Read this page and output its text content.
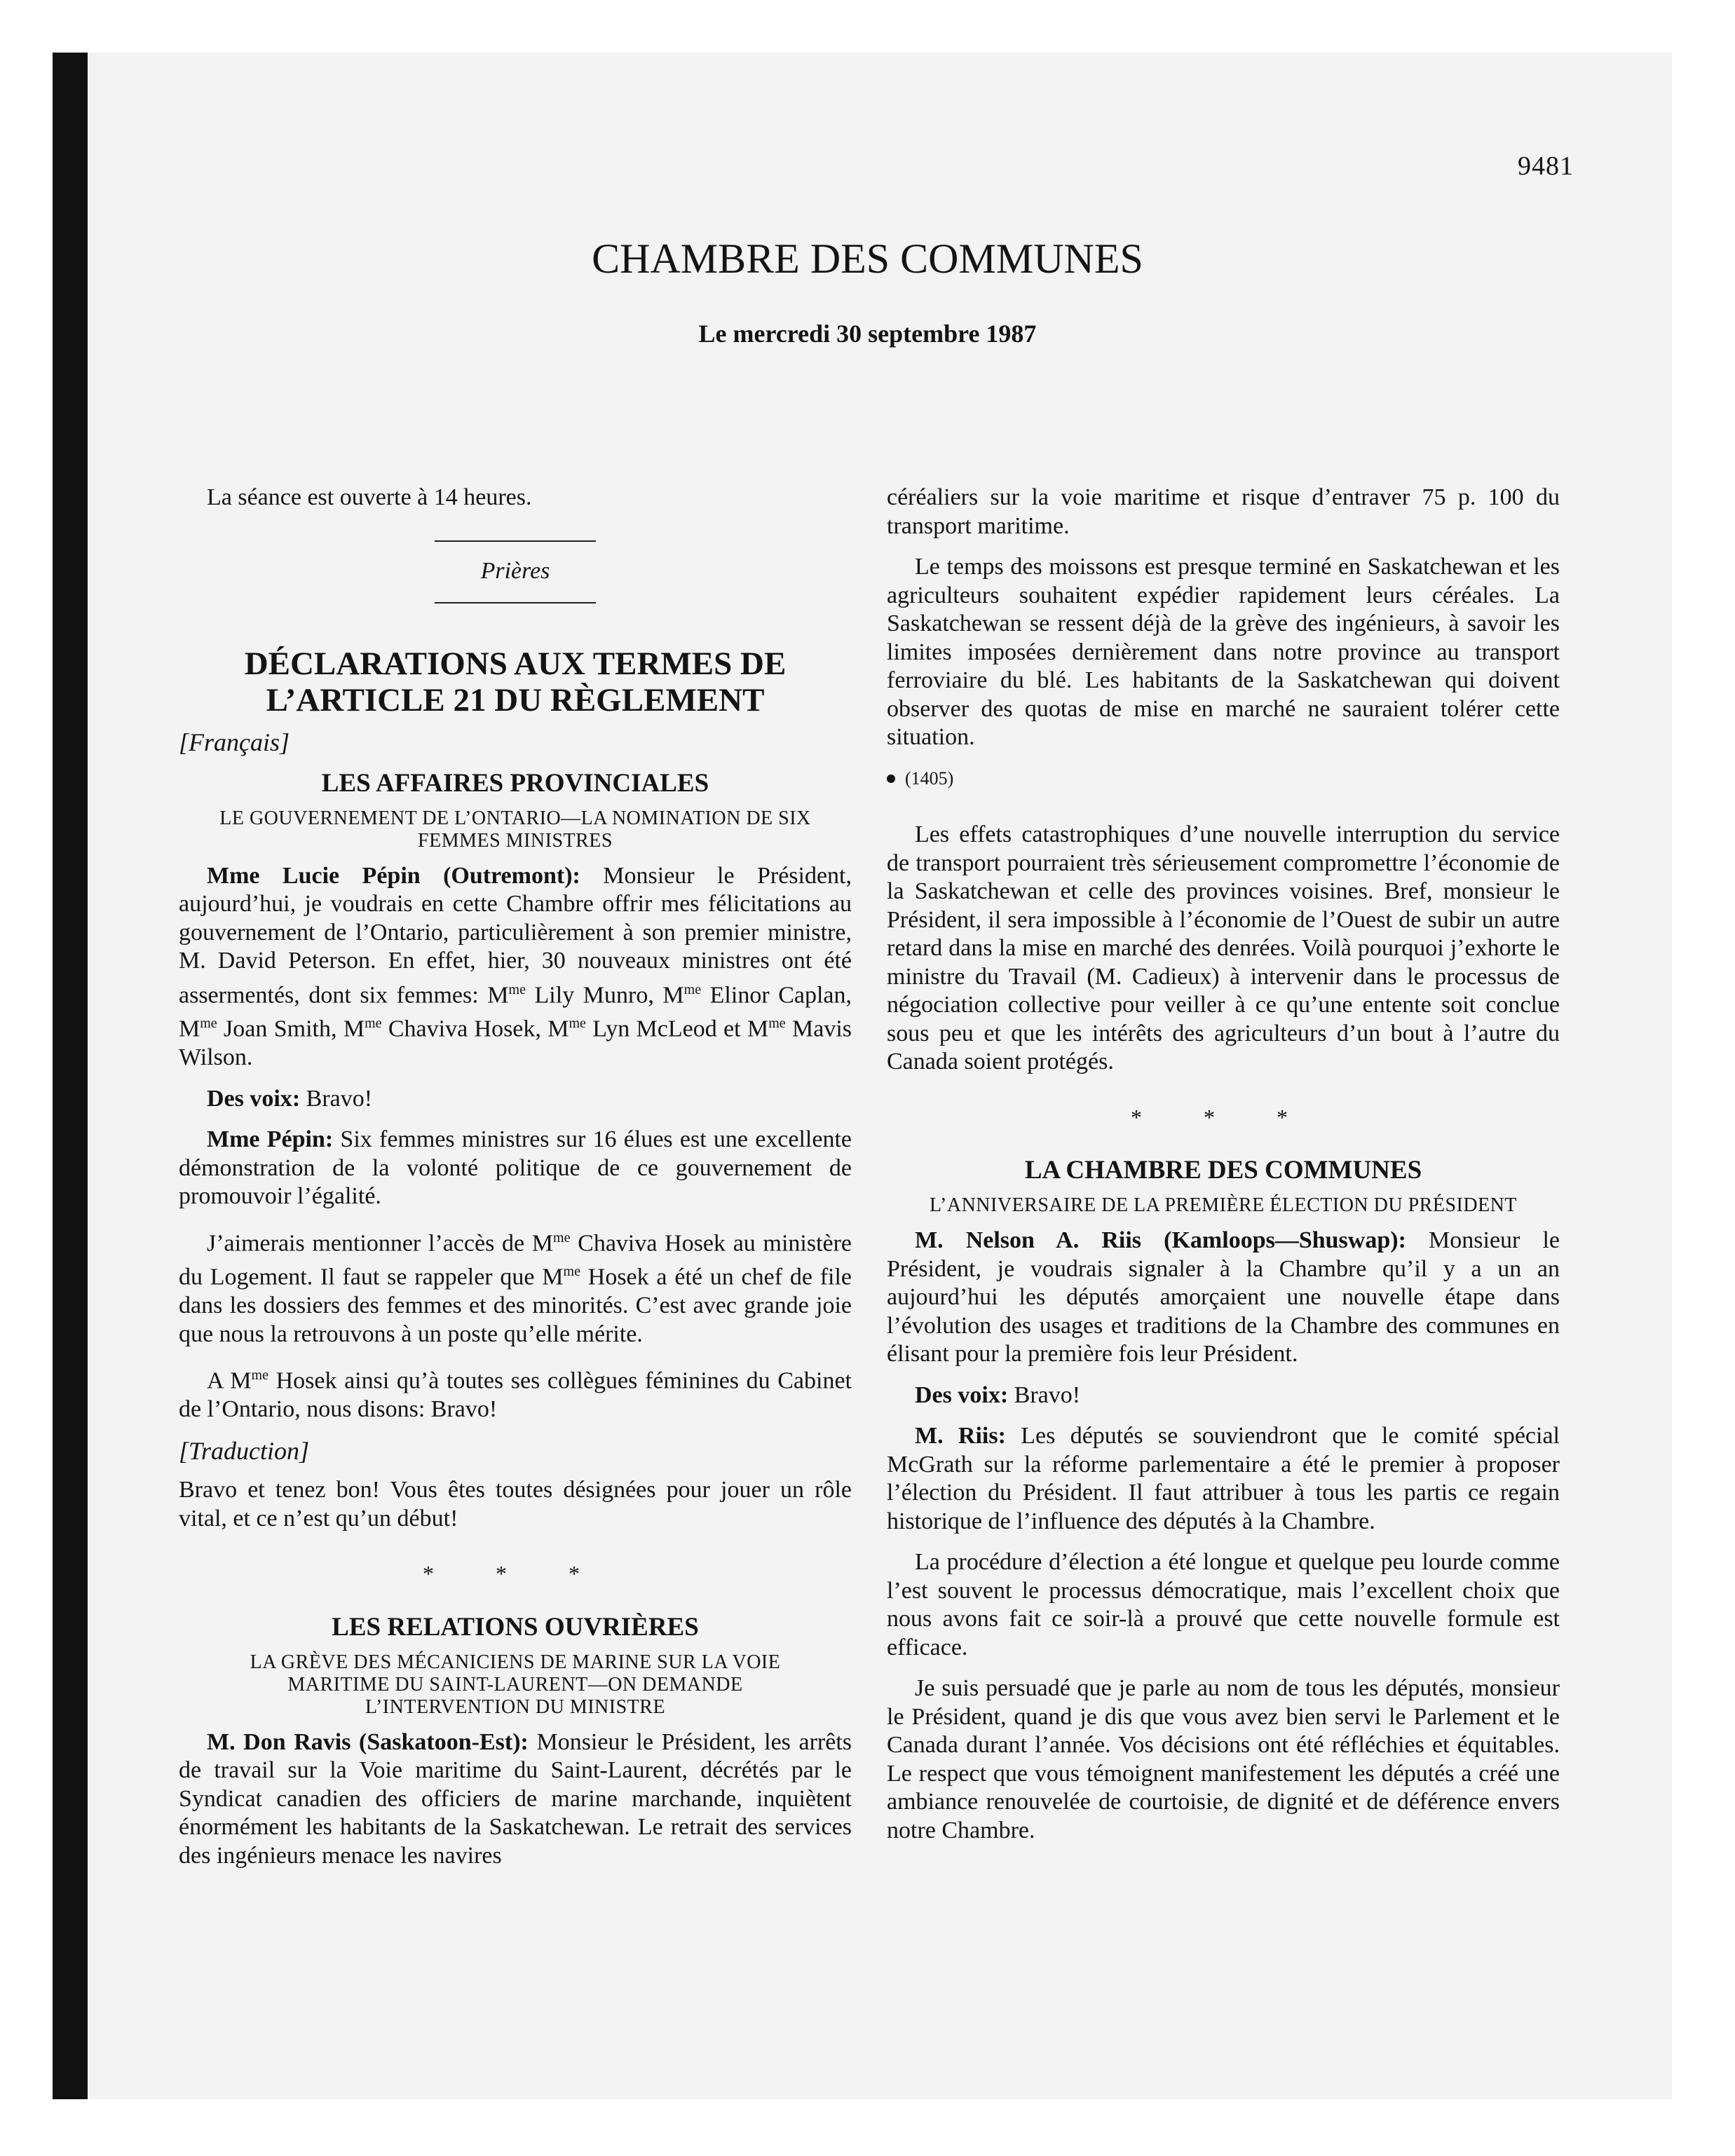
9481
CHAMBRE DES COMMUNES
Le mercredi 30 septembre 1987

La séance est ouverte à 14 heures.

Prières
DÉCLARATIONS AUX TERMES DE
L’ARTICLE 21 DU RÈGLEMENT
[Français]
LES AFFAIRES PROVINCIALES
LE GOUVERNEMENT DE L’ONTARIO—LA NOMINATION DE SIX
FEMMES MINISTRES

Mme Lucie Pépin (Outremont): Monsieur le Président, aujourd’hui, je voudrais en cette Chambre offrir mes félicitations au gouvernement de l’Ontario, particulièrement à son premier ministre, M. David Peterson. En effet, hier, 30 nouveaux ministres ont été assermentés, dont six femmes: $M^{me}$ Lily Munro, $M^{me}$ Elinor Caplan, $M^{me}$ Joan Smith, $M^{me}$ Chaviva Hosek, $M^{me}$ Lyn McLeod et $M^{me}$ Mavis Wilson.

Des voix: Bravo!

Mme Pépin: Six femmes ministres sur 16 élues est une excellente démonstration de la volonté politique de ce gouvernement de promouvoir l’égalité.

J’aimerais mentionner l’accès de $M^{me}$ Chaviva Hosek au ministère du Logement. Il faut se rappeler que $M^{me}$ Hosek a été un chef de file dans les dossiers des femmes et des minorités. C’est avec grande joie que nous la retrouvons à un poste qu’elle mérite.

A $M^{me}$ Hosek ainsi qu’à toutes ses collègues féminines du Cabinet de l’Ontario, nous disons: Bravo!

[Traduction]

Bravo et tenez bon! Vous êtes toutes désignées pour jouer un rôle vital, et ce n’est qu’un début!

* * *
LES RELATIONS OUVRIÈRES
LA GRÈVE DES MÉCANICIENS DE MARINE SUR LA VOIE
MARITIME DU SAINT-LAURENT—ON DEMANDE
L’INTERVENTION DU MINISTRE

M. Don Ravis (Saskatoon-Est): Monsieur le Président, les arrêts de travail sur la Voie maritime du Saint-Laurent, décrétés par le Syndicat canadien des officiers de marine marchande, inquiètent énormément les habitants de la Saskatchewan. Le retrait des services des ingénieurs menace les navires

céréaliers sur la voie maritime et risque d’entraver 75 p. 100 du transport maritime.

Le temps des moissons est presque terminé en Saskatchewan et les agriculteurs souhaitent expédier rapidement leurs céréales. La Saskatchewan se ressent déjà de la grève des ingénieurs, à savoir les limites imposées dernièrement dans notre province au transport ferroviaire du blé. Les habitants de la Saskatchewan qui doivent observer des quotas de mise en marché ne sauraient tolérer cette situation.

(1405)

Les effets catastrophiques d’une nouvelle interruption du service de transport pourraient très sérieusement compromettre l’économie de la Saskatchewan et celle des provinces voisines. Bref, monsieur le Président, il sera impossible à l’économie de l’Ouest de subir un autre retard dans la mise en marché des denrées. Voilà pourquoi j’exhorte le ministre du Travail (M. Cadieux) à intervenir dans le processus de négociation collective pour veiller à ce qu’une entente soit conclue sous peu et que les intérêts des agriculteurs d’un bout à l’autre du Canada soient protégés.

* * *
LA CHAMBRE DES COMMUNES
L’ANNIVERSAIRE DE LA PREMIÈRE ÉLECTION DU PRÉSIDENT

M. Nelson A. Riis (Kamloops—Shuswap): Monsieur le Président, je voudrais signaler à la Chambre qu’il y a un an aujourd’hui les députés amorçaient une nouvelle étape dans l’évolution des usages et traditions de la Chambre des communes en élisant pour la première fois leur Président.

Des voix: Bravo!

M. Riis: Les députés se souviendront que le comité spécial McGrath sur la réforme parlementaire a été le premier à proposer l’élection du Président. Il faut attribuer à tous les partis ce regain historique de l’influence des députés à la Chambre.

La procédure d’élection a été longue et quelque peu lourde comme l’est souvent le processus démocratique, mais l’excellent choix que nous avons fait ce soir-là a prouvé que cette nouvelle formule est efficace.

Je suis persuadé que je parle au nom de tous les députés, monsieur le Président, quand je dis que vous avez bien servi le Parlement et le Canada durant l’année. Vos décisions ont été réfléchies et équitables. Le respect que vous témoignent manifestement les députés a créé une ambiance renouvelée de courtoisie, de dignité et de déférence envers notre Chambre.
